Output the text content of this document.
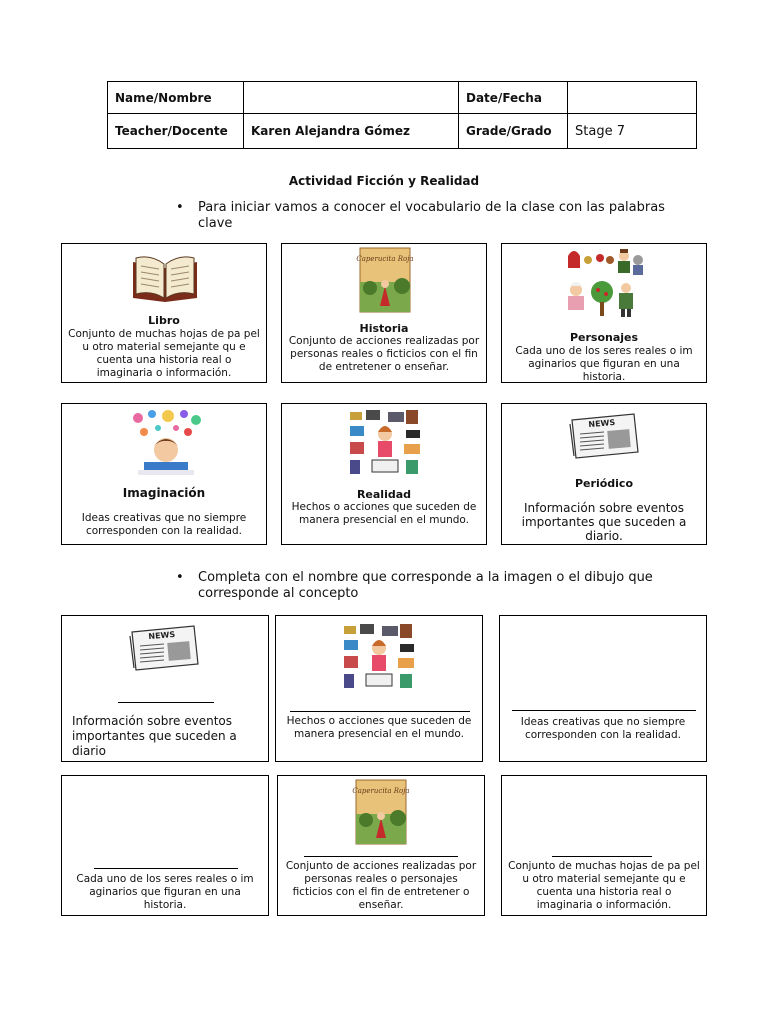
Name/Nombre		Date/Fecha	
Teacher/Docente	Karen Alejandra Gómez	Grade/Grado	Stage 7
Actividad Ficción y Realidad
• Para iniciar vamos a conocer el vocabulario de la clase con las palabras clave
Libro
Conjunto de muchas hojas de pa pel u otro material semejante qu e cuenta una historia real o imaginaria o información.
Caperucita Roja
Historia
Conjunto de acciones realizadas por personas reales o ficticios con el fin de entretener o enseñar.
Personajes
Cada uno de los seres reales o im aginarios que figuran en una historia.
Imaginación
Ideas creativas que no siempre corresponden con la realidad.
Realidad
Hechos o acciones que suceden de manera presencial en el mundo.
NEWS
Periódico
Información sobre eventos importantes que suceden a diario.
• Completa con el nombre que corresponde a la imagen o el dibujo que corresponde al concepto
NEWS
Información sobre eventos importantes que suceden a diario
Hechos o acciones que suceden de manera presencial en el mundo.
Ideas creativas que no siempre corresponden con la realidad.
Cada uno de los seres reales o im aginarios que figuran en una historia.
Caperucita Roja
Conjunto de acciones realizadas por personas reales o personajes ficticios con el fin de entretener o enseñar.
Conjunto de muchas hojas de pa pel u otro material semejante qu e cuenta una historia real o imaginaria o información.
